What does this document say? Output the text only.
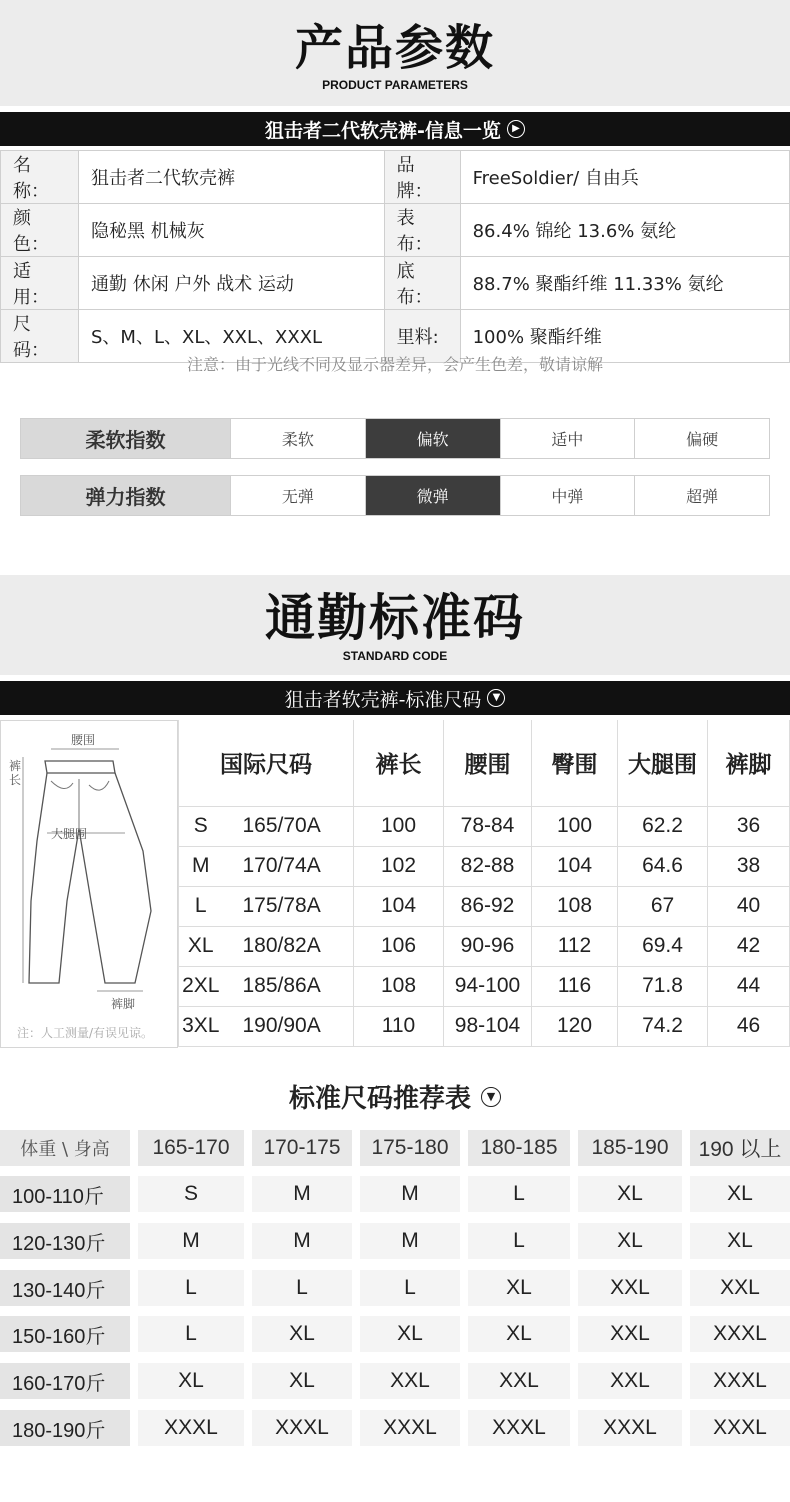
产品参数
PRODUCT PARAMETERS
狙击者二代软壳裤-信息一览	▶
名称：	狙击者二代软壳裤	品牌：	FreeSoldier/ 自由兵
颜色：	隐秘黑 机械灰	表布：	86.4% 锦纶 13.6% 氨纶
适用：	通勤 休闲 户外 战术 运动	底布：	88.7% 聚酯纤维 11.33% 氨纶
尺码：	S、M、L、XL、XXL、XXXL	里料:	100% 聚酯纤维
注意：由于光线不同及显示器差异，会产生色差，敬请谅解
柔软指数	柔软	偏软	适中	偏硬
弹力指数	无弹	微弹	中弹	超弹
通勤标准码
STANDARD CODE
狙击者软壳裤-标准尺码	▼
腰围
裤长
大腿围
裤脚
注：人工测量/有误见谅。
国际尺码		裤长	腰围	臀围	大腿围	裤脚
S	165/70A	100	78-84	100	62.2	36
M	170/74A	102	82-88	104	64.6	38
L	175/78A	104	86-92	108	67	40
XL	180/82A	106	90-96	112	69.4	42
2XL	185/86A	108	94-100	116	71.8	44
3XL	190/90A	110	98-104	120	74.2	46
标准尺码推荐表	▼
体重 \ 身高	165-170	170-175	175-180	180-185	185-190	190 以上
100-110斤	S	M	M	L	XL	XL
120-130斤	M	M	M	L	XL	XL
130-140斤	L	L	L	XL	XXL	XXL
150-160斤	L	XL	XL	XL	XXL	XXXL
160-170斤	XL	XL	XXL	XXL	XXL	XXXL
180-190斤	XXXL	XXXL	XXXL	XXXL	XXXL	XXXL
